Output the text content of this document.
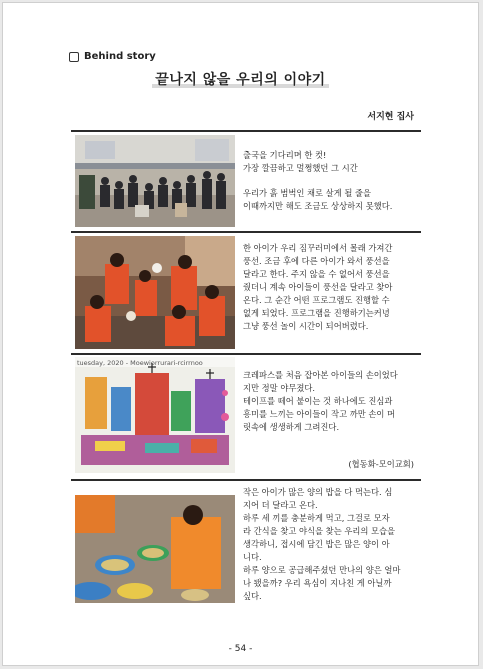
Behind story
끝나지 않을 우리의 이야기
서지현 집사

출국을 기다리며 한 컷!

가장 깔끔하고 멀쩡했던 그 시간

우리가 흙 범벅인 채로 살게 될 줄을

이때까지만 해도 조금도 상상하지 못했다.

한 아이가 우리 짐꾸러미에서 몰래 가져간

풍선. 조금 후에 다른 아이가 와서 풍선을

달라고 한다. 주지 않을 수 없어서 풍선을

줬더니 계속 아이들이 풍선을 달라고 찾아

온다. 그 순간 어떤 프로그램도 진행할 수

없게 되었다. 프로그램을 진행하기는커녕

그냥 풍선 놀이 시간이 되어버렸다.

tuesday, 2020 - Moewiorrurari-rcirrnoo

크레파스를 처음 잡아본 아이들의 손이었다

지만 정말 야무졌다.

테이프를 떼어 붙이는 것 하나에도 진심과

흥미를 느끼는 아이들이 작고 까만 손이 머

릿속에 생생하게 그려진다.

(협동화-모이교회)

작은 아이가 많은 양의 밥을 다 먹는다. 심

지어 더 달라고 온다.

하루 세 끼를 충분하게 먹고, 그걸로 모자

라 간식을 찾고 야식을 찾는 우리의 모습을

생각하니, 접시에 담긴 밥은 많은 양이 아

니다.

하루 양으로 공급해주셨던 만나의 양은 얼마

나 됐을까? 우리 욕심이 지나친 게 아닐까

싶다.

- 54 -
